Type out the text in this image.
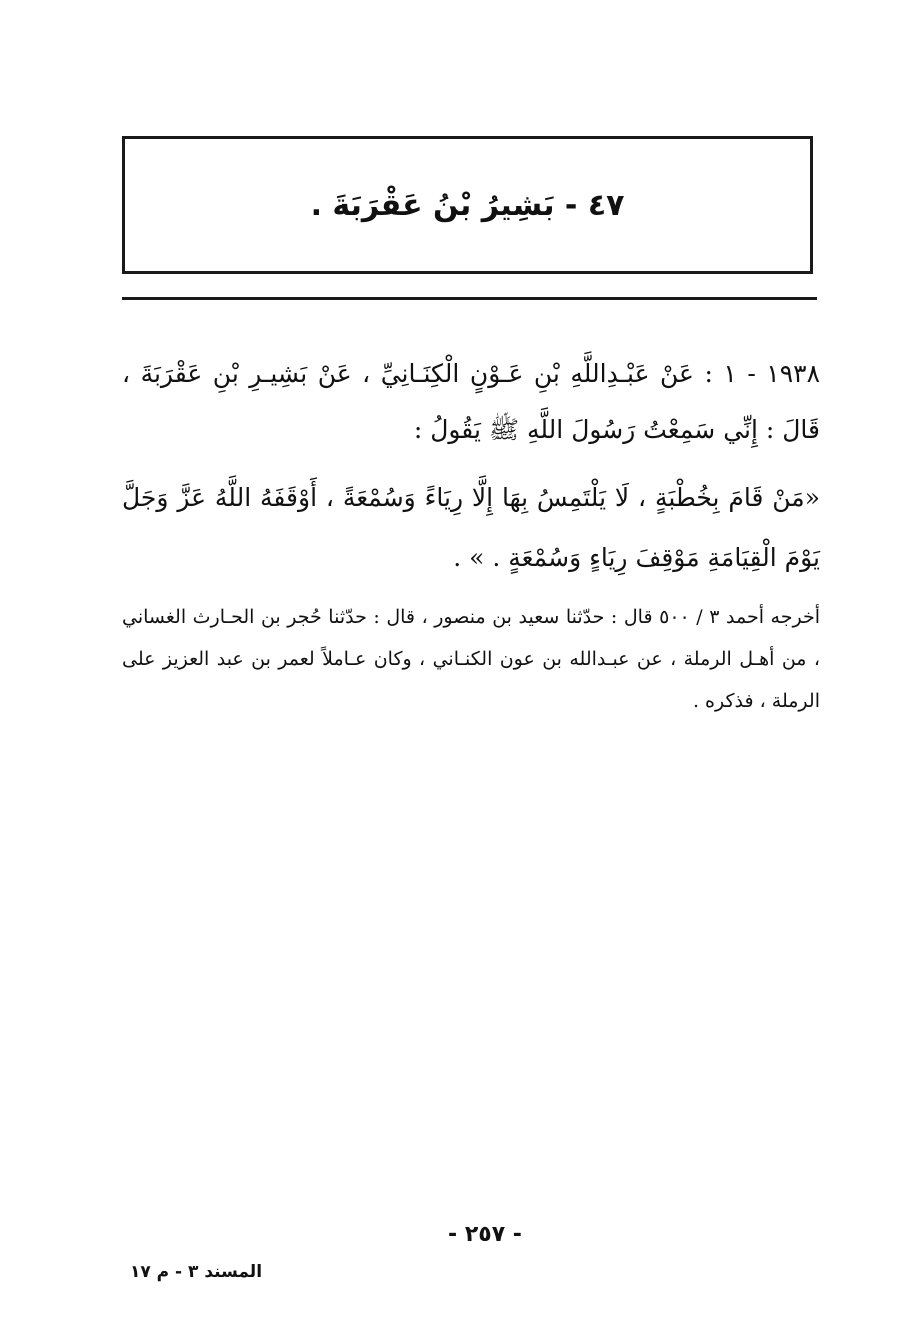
٤٧ - بَشِيرُ بْنُ عَقْرَبَةَ .

١٩٣٨ - ١ : عَنْ عَبْـدِاللَّهِ بْنِ عَـوْنٍ الْكِنَـانِيِّ ، عَنْ بَشِيـرِ بْنِ عَقْرَبَةَ ، قَالَ : إِنِّي سَمِعْتُ رَسُولَ اللَّهِ ﷺ يَقُولُ :

«مَنْ قَامَ بِخُطْبَةٍ ، لَا يَلْتَمِسُ بِهَا إِلَّا رِيَاءً وَسُمْعَةً ، أَوْقَفَهُ اللَّهُ عَزَّ وَجَلَّ يَوْمَ الْقِيَامَةِ مَوْقِفَ رِيَاءٍ وَسُمْعَةٍ . » .

أخرجه أحمد ٣ / ٥٠٠ قال : حدّثنا سعيد بن منصور ، قال : حدّثنا حُجر بن الحـارث الغساني ، من أهـل الرملة ، عن عبـدالله بن عون الكنـاني ، وكان عـاملاً لعمر بن عبد العزيز على الرملة ، فذكره .

- ٢٥٧ -
المسند ٣ - م ١٧
